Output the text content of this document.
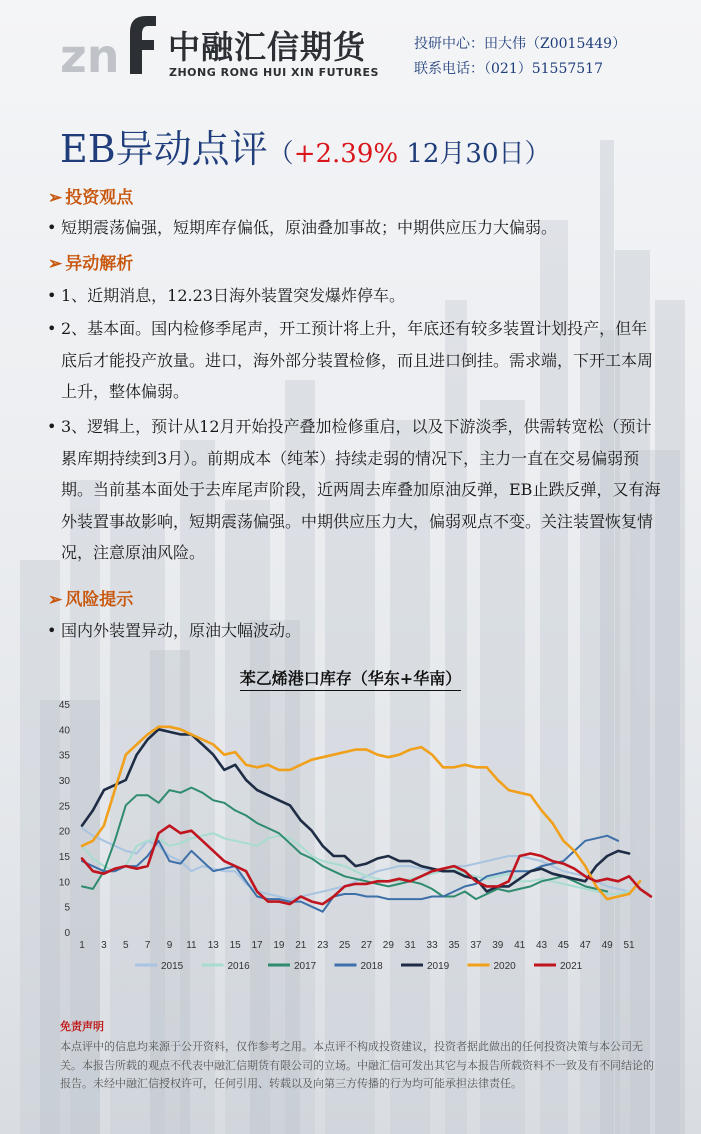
zn 中融汇信期货
ZHONG RONG HUI XIN FUTURES
投研中心：田大伟（Z0015449）
联系电话：（021）51557517
EB异动点评（+2.39% 12月30日）
➢ 投资观点
• 短期震荡偏强，短期库存偏低，原油叠加事故；中期供应压力大偏弱。
➢ 异动解析
• 1、近期消息，12.23日海外装置突发爆炸停车。
• 2、基本面。国内检修季尾声，开工预计将上升，年底还有较多装置计划投产，但年底后才能投产放量。进口，海外部分装置检修，而且进口倒挂。需求端，下开工本周上升，整体偏弱。
• 3、逻辑上，预计从12月开始投产叠加检修重启，以及下游淡季，供需转宽松（预计累库期持续到3月）。前期成本（纯苯）持续走弱的情况下，主力一直在交易偏弱预期。当前基本面处于去库尾声阶段，近两周去库叠加原油反弹，EB止跌反弹，又有海外装置事故影响，短期震荡偏强。中期供应压力大，偏弱观点不变。关注装置恢复情况，注意原油风险。
➢ 风险提示
• 国内外装置异动，原油大幅波动。
苯乙烯港口库存（华东+华南）
0
5
10
15
20
25
30
35
40
45
1 3 5 7 9 11 13 15 17 19 21 23 25 27 29 31 33 35 37 39 41 43 45 47 49 51
2015	2016	2017	2018	2019	2020	2021
免责声明
本点评中的信息均来源于公开资料，仅作参考之用。本点评不构成投资建议，投资者据此做出的任何投资决策与本公司无关。本报告所载的观点不代表中融汇信期货有限公司的立场。中融汇信可发出其它与本报告所载资料不一致及有不同结论的报告。未经中融汇信授权许可，任何引用、转载以及向第三方传播的行为均可能承担法律责任。
